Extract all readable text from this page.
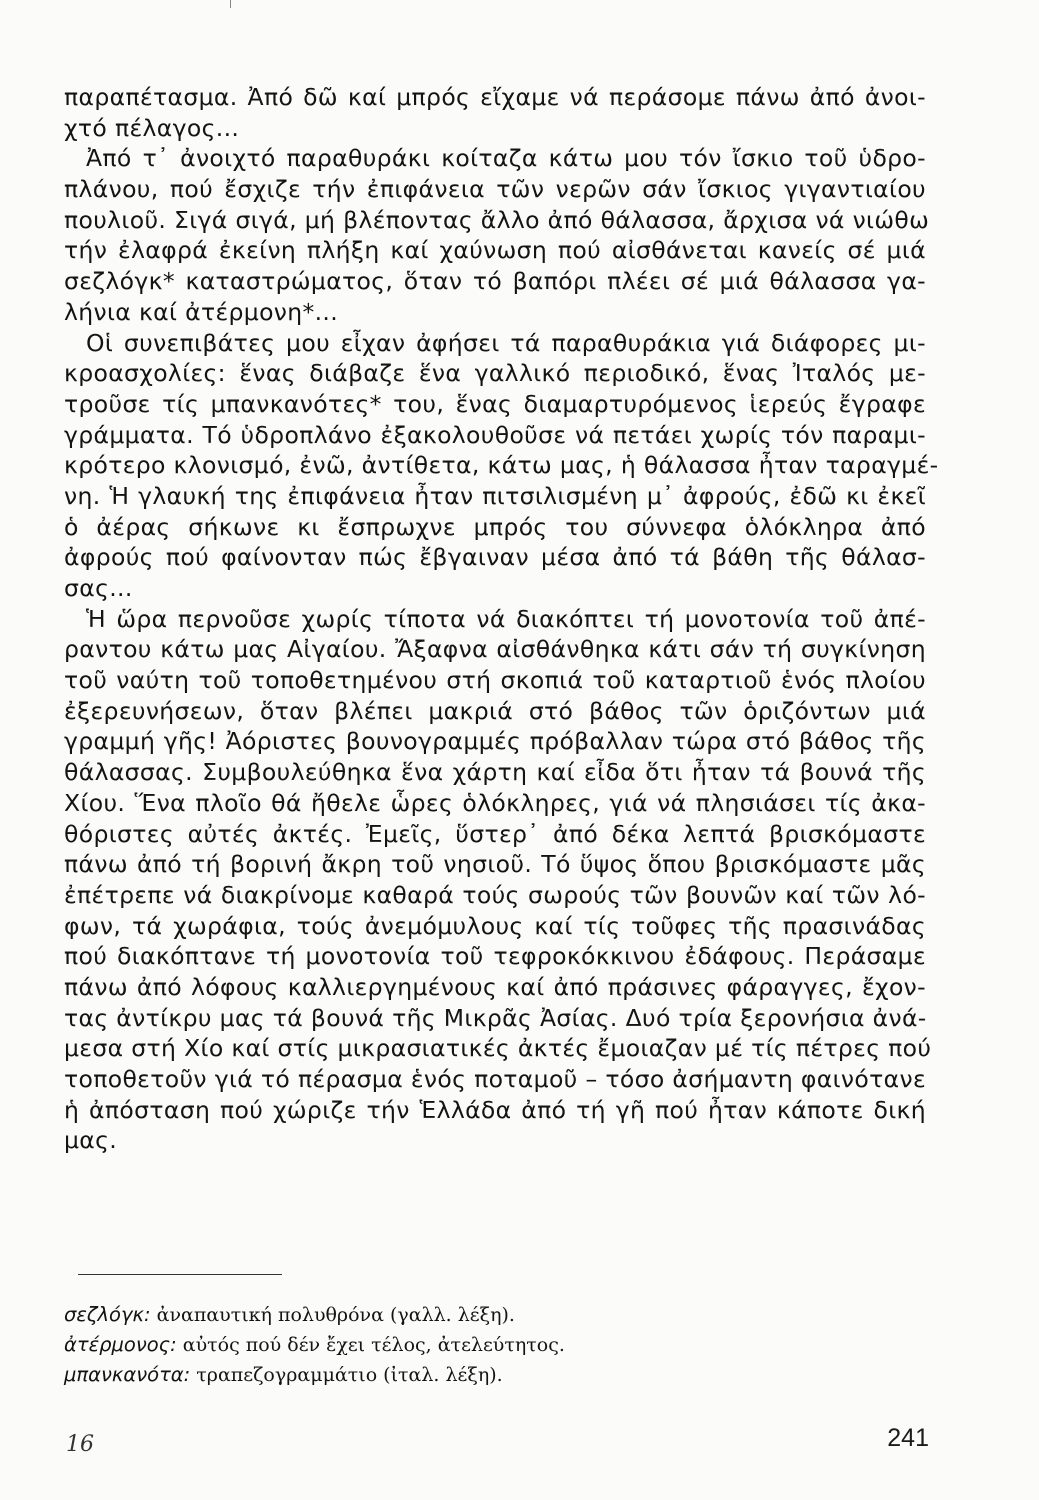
παραπέτασμα. Ἀπό δῶ καί μπρός εἴχαμε νά περάσομε πάνω ἀπό ἀνοι-
χτό πέλαγος...
Ἀπό τ᾽ ἀνοιχτό παραθυράκι κοίταζα κάτω μου τόν ἴσκιο τοῦ ὑδρο-
πλάνου, πού ἔσχιζε τήν ἐπιφάνεια τῶν νερῶν σάν ἴσκιος γιγαντιαίου
πουλιοῦ. Σιγά σιγά, μή βλέποντας ἄλλο ἀπό θάλασσα, ἄρχισα νά νιώθω
τήν ἐλαφρά ἐκείνη πλήξη καί χαύνωση πού αἰσθάνεται κανείς σέ μιά
σεζλόγκ* καταστρώματος, ὅταν τό βαπόρι πλέει σέ μιά θάλασσα γα-
λήνια καί ἀτέρμονη*...
Οἱ συνεπιβάτες μου εἶχαν ἀφήσει τά παραθυράκια γιά διάφορες μι-
κροασχολίες: ἕνας διάβαζε ἕνα γαλλικό περιοδικό, ἕνας Ἰταλός με-
τροῦσε τίς μπανκανότες* του, ἕνας διαμαρτυρόμενος ἱερεύς ἔγραφε
γράμματα. Τό ὑδροπλάνο ἐξακολουθοῦσε νά πετάει χωρίς τόν παραμι-
κρότερο κλονισμό, ἐνῶ, ἀντίθετα, κάτω μας, ἡ θάλασσα ἦταν ταραγμέ-
νη. Ἡ γλαυκή της ἐπιφάνεια ἦταν πιτσιλισμένη μ᾽ ἀφρούς, ἐδῶ κι ἐκεῖ
ὁ ἀέρας σήκωνε κι ἔσπρωχνε μπρός του σύννεφα ὁλόκληρα ἀπό
ἀφρούς πού φαίνονταν πώς ἔβγαιναν μέσα ἀπό τά βάθη τῆς θάλασ-
σας...
Ἡ ὥρα περνοῦσε χωρίς τίποτα νά διακόπτει τή μονοτονία τοῦ ἀπέ-
ραντου κάτω μας Αἰγαίου. Ἄξαφνα αἰσθάνθηκα κάτι σάν τή συγκίνηση
τοῦ ναύτη τοῦ τοποθετημένου στή σκοπιά τοῦ καταρτιοῦ ἑνός πλοίου
ἐξερευνήσεων, ὅταν βλέπει μακριά στό βάθος τῶν ὁριζόντων μιά
γραμμή γῆς! Ἀόριστες βουνογραμμές πρόβαλλαν τώρα στό βάθος τῆς
θάλασσας. Συμβουλεύθηκα ἕνα χάρτη καί εἶδα ὅτι ἦταν τά βουνά τῆς
Χίου. Ἕνα πλοῖο θά ἤθελε ὧρες ὁλόκληρες, γιά νά πλησιάσει τίς ἀκα-
θόριστες αὐτές ἀκτές. Ἐμεῖς, ὕστερ᾽ ἀπό δέκα λεπτά βρισκόμαστε
πάνω ἀπό τή βορινή ἄκρη τοῦ νησιοῦ. Τό ὕψος ὅπου βρισκόμαστε μᾶς
ἐπέτρεπε νά διακρίνομε καθαρά τούς σωρούς τῶν βουνῶν καί τῶν λό-
φων, τά χωράφια, τούς ἀνεμόμυλους καί τίς τοῦφες τῆς πρασινάδας
πού διακόπτανε τή μονοτονία τοῦ τεφροκόκκινου ἐδάφους. Περάσαμε
πάνω ἀπό λόφους καλλιεργημένους καί ἀπό πράσινες φάραγγες, ἔχον-
τας ἀντίκρυ μας τά βουνά τῆς Μικρᾶς Ἀσίας. Δυό τρία ξερονήσια ἀνά-
μεσα στή Χίο καί στίς μικρασιατικές ἀκτές ἔμοιαζαν μέ τίς πέτρες πού
τοποθετοῦν γιά τό πέρασμα ἑνός ποταμοῦ – τόσο ἀσήμαντη φαινότανε
ἡ ἀπόσταση πού χώριζε τήν Ἑλλάδα ἀπό τή γῆ πού ἦταν κάποτε δική
μας.
σεζλόγκ: ἀναπαυτική πολυθρόνα (γαλλ. λέξη).
ἀτέρμονος: αὐτός πού δέν ἔχει τέλος, ἀτελεύτητος.
μπανκανότα: τραπεζογραμμάτιο (ἰταλ. λέξη).
16	241
